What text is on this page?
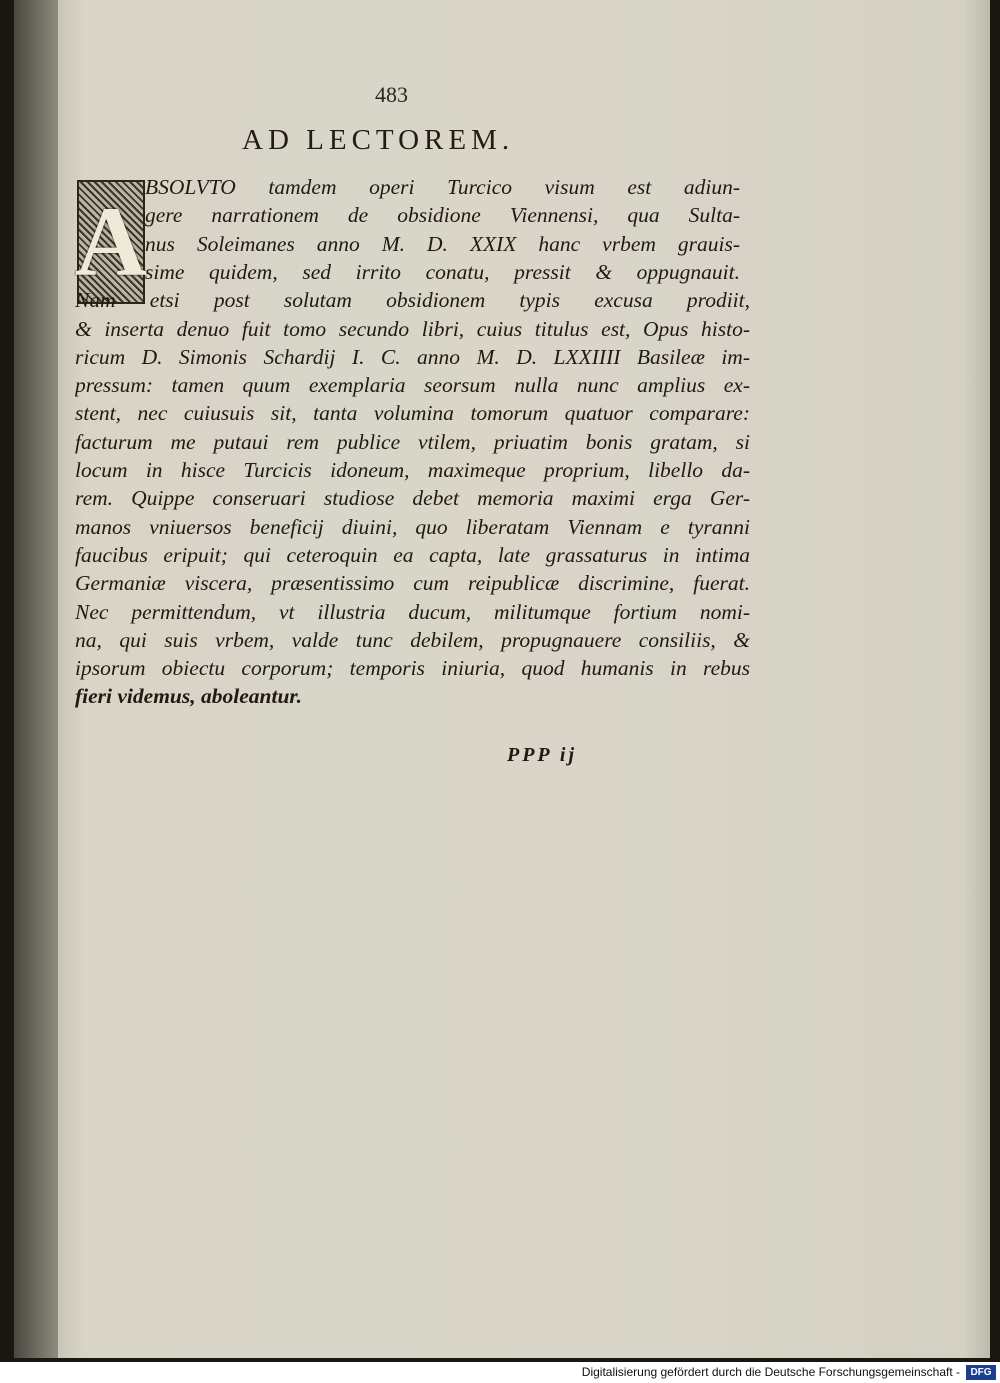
483
AD LECTOREM.
A
BSOLVTO tamdem operi Turcico visum est adiun-
gere narrationem de obsidione Viennensi, qua Sulta-
nus Soleimanes anno M. D. XXIX hanc vrbem grauis-
sime quidem, sed irrito conatu, pressit & oppugnauit.
Nam etsi post solutam obsidionem typis excusa prodiit,
& inserta denuo fuit tomo secundo libri, cuius titulus est, Opus histo-
ricum D. Simonis Schardij I. C. anno M. D. LXXIIII Basileæ im-
pressum: tamen quum exemplaria seorsum nulla nunc amplius ex-
stent, nec cuiusuis sit, tanta volumina tomorum quatuor comparare:
facturum me putaui rem publice vtilem, priuatim bonis gratam, si
locum in hisce Turcicis idoneum, maximeque proprium, libello da-
rem. Quippe conseruari studiose debet memoria maximi erga Ger-
manos vniuersos beneficij diuini, quo liberatam Viennam e tyranni
faucibus eripuit; qui ceteroquin ea capta, late grassaturus in intima
Germaniæ viscera, præsentissimo cum reipublicæ discrimine, fuerat.
Nec permittendum, vt illustria ducum, militumque fortium nomi-
na, qui suis vrbem, valde tunc debilem, propugnauere consiliis, &
ipsorum obiectu corporum; temporis iniuria, quod humanis in rebus
fieri videmus, aboleantur.
PPP ij
Digitalisierung gefördert durch die Deutsche Forschungsgemeinschaft -	DFG
